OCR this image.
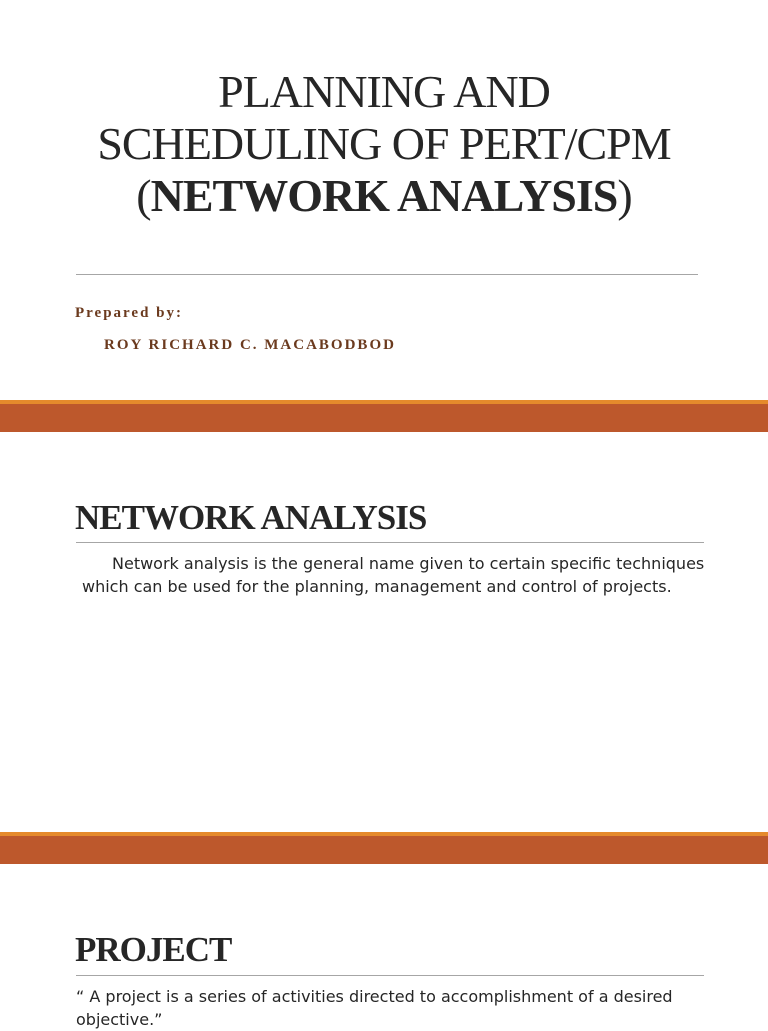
PLANNING AND
SCHEDULING OF PERT/CPM
(NETWORK ANALYSIS)

Prepared by:

ROY RICHARD C. MACABODBOD

NETWORK ANALYSIS

Network analysis is the general name given to certain specific techniques which can be used for the planning, management and control of projects.

PROJECT

“ A project is a series of activities directed to accomplishment of a desired objective.”
